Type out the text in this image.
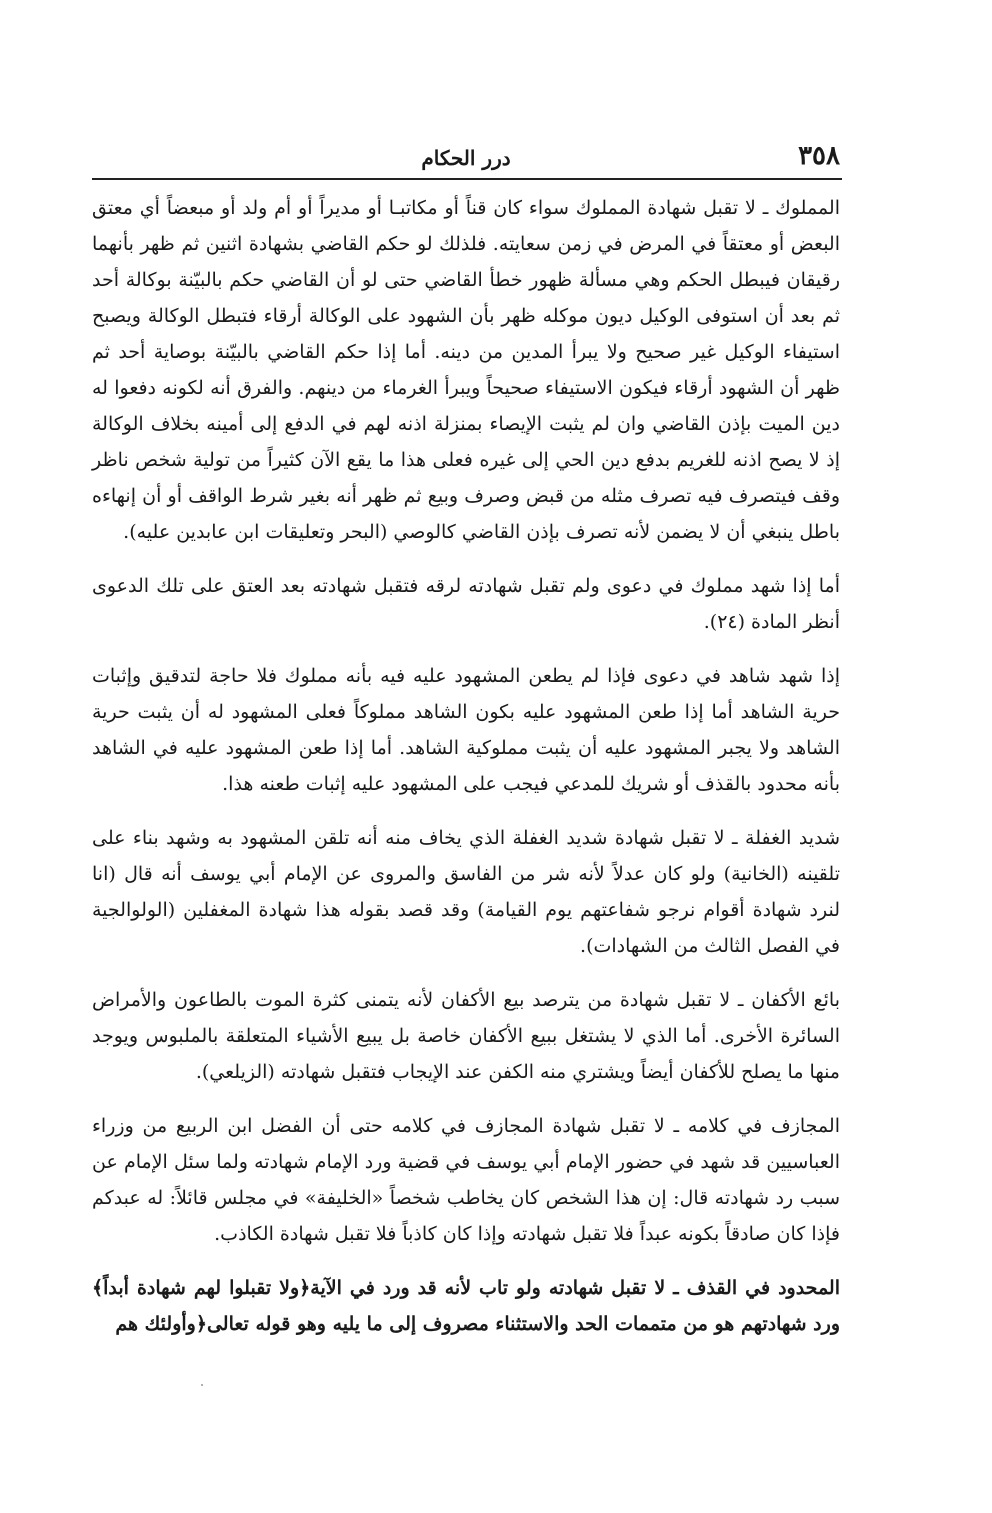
٣٥٨
درر الحكام

المملوك ـ لا تقبل شهادة المملوك سواء كان قناً أو مكاتبـا أو مديراً أو أم ولد أو مبعضاً أي معتق البعض أو معتقاً في المرض في زمن سعايته. فلذلك لو حكم القاضي بشهادة اثنين ثم ظهر بأنهما رقيقان فيبطل الحكم وهي مسألة ظهور خطأ القاضي حتى لو أن القاضي حكم بالبيّنة بوكالة أحد ثم بعد أن استوفى الوكيل ديون موكله ظهر بأن الشهود على الوكالة أرقاء فتبطل الوكالة ويصبح استيفاء الوكيل غير صحيح ولا يبرأ المدين من دينه. أما إذا حكم القاضي بالبيّنة بوصاية أحد ثم ظهر أن الشهود أرقاء فيكون الاستيفاء صحيحاً ويبرأ الغرماء من دينهم. والفرق أنه لكونه دفعوا له دين الميت بإذن القاضي وان لم يثبت الإيصاء بمنزلة اذنه لهم في الدفع إلى أمينه بخلاف الوكالة إذ لا يصح اذنه للغريم بدفع دين الحي إلى غيره فعلى هذا ما يقع الآن كثيراً من تولية شخص ناظر وقف فيتصرف فيه تصرف مثله من قبض وصرف وبيع ثم ظهر أنه بغير شرط الواقف أو أن إنهاءه باطل ينبغي أن لا يضمن لأنه تصرف بإذن القاضي كالوصي (البحر وتعليقات ابن عابدين عليه).

أما إذا شهد مملوك في دعوى ولم تقبل شهادته لرقه فتقبل شهادته بعد العتق على تلك الدعوى أنظر المادة (٢٤).

إذا شهد شاهد في دعوى فإذا لم يطعن المشهود عليه فيه بأنه مملوك فلا حاجة لتدقيق وإثبات حرية الشاهد أما إذا طعن المشهود عليه بكون الشاهد مملوكاً فعلى المشهود له أن يثبت حرية الشاهد ولا يجبر المشهود عليه أن يثبت مملوكية الشاهد. أما إذا طعن المشهود عليه في الشاهد بأنه محدود بالقذف أو شريك للمدعي فيجب على المشهود عليه إثبات طعنه هذا.

شديد الغفلة ـ لا تقبل شهادة شديد الغفلة الذي يخاف منه أنه تلقن المشهود به وشهد بناء على تلقينه (الخانية) ولو كان عدلاً لأنه شر من الفاسق والمروى عن الإمام أبي يوسف أنه قال (انا لنرد شهادة أقوام نرجو شفاعتهم يوم القيامة) وقد قصد بقوله هذا شهادة المغفلين (الولوالجية في الفصل الثالث من الشهادات).

بائع الأكفان ـ لا تقبل شهادة من يترصد بيع الأكفان لأنه يتمنى كثرة الموت بالطاعون والأمراض السائرة الأخرى. أما الذي لا يشتغل ببيع الأكفان خاصة بل يبيع الأشياء المتعلقة بالملبوس ويوجد منها ما يصلح للأكفان أيضاً ويشتري منه الكفن عند الإيجاب فتقبل شهادته (الزيلعي).

المجازف في كلامه ـ لا تقبل شهادة المجازف في كلامه حتى أن الفضل ابن الربيع من وزراء العباسيين قد شهد في حضور الإمام أبي يوسف في قضية ورد الإمام شهادته ولما سئل الإمام عن سبب رد شهادته قال: إن هذا الشخص كان يخاطب شخصاً «الخليفة» في مجلس قائلاً: له عبدكم فإذا كان صادقاً بكونه عبداً فلا تقبل شهادته وإذا كان كاذباً فلا تقبل شهادة الكاذب.

المحدود في القذف ـ لا تقبل شهادته ولو تاب لأنه قد ورد في الآية﴿ولا تقبلوا لهم شهادة أبداً﴾ورد شهادتهم هو من متممات الحد والاستثناء مصروف إلى ما يليه وهو قوله تعالى﴿وأولئك هم
